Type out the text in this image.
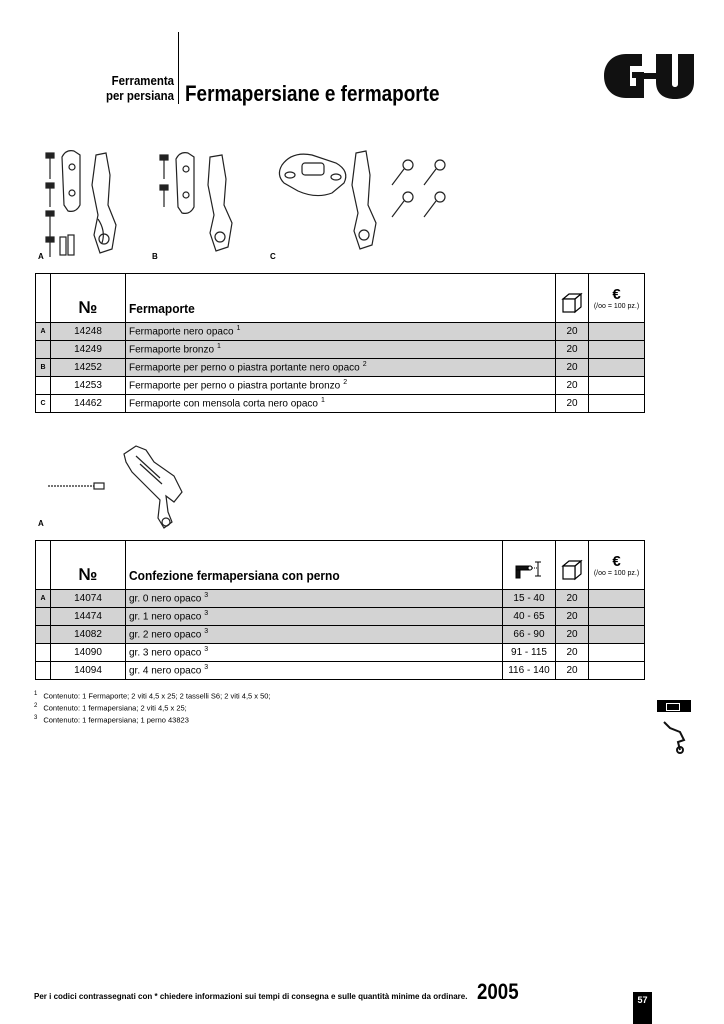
Ferramenta
per persiana Fermapersiane e fermaporte
A	B	C
	№	Fermaporte		€
(/oo = 100 pz.)

A	14248	Fermaporte nero opaco $^1$	20	
	14249	Fermaporte bronzo $^1$	20	
B	14252	Fermaporte per perno o piastra portante nero opaco $^2$	20	
	14253	Fermaporte per perno o piastra portante bronzo $^2$	20	
C	14462	Fermaporte con mensola corta nero opaco $^1$	20	
A
	№	Confezione fermapersiana con perno			€
(/oo = 100 pz.)

A	14074	gr. 0 nero opaco $^3$	15 - 40	20	
	14474	gr. 1 nero opaco $^3$	40 - 65	20	
	14082	gr. 2 nero opaco $^3$	66 - 90	20	
	14090	gr. 3 nero opaco $^3$	91 - 115	20	
	14094	gr. 4 nero opaco $^3$	116 - 140	20	
$^1$ Contenuto: 1 Fermaporte; 2 viti 4,5 x 25; 2 tasselli S6; 2 viti 4,5 x 50;
$^2$ Contenuto: 1 fermapersiana; 2 viti 4,5 x 25;
$^3$ Contenuto: 1 fermapersiana; 1 perno 43823
Per i codici contrassegnati con * chiedere informazioni sui tempi di consegna e sulle quantità minime da ordinare. 2005	57
